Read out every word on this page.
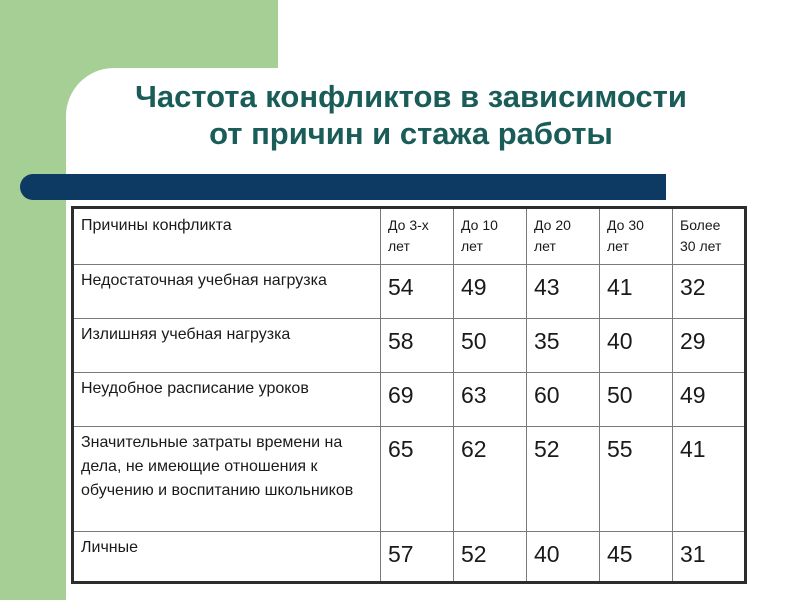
Частота конфликтов в зависимости
от причин и стажа работы
Причины конфликта	До 3-х лет	До 10 лет	До 20 лет	До 30 лет	Более 30 лет
Недостаточная учебная нагрузка	54	49	43	41	32
Излишняя учебная нагрузка	58	50	35	40	29
Неудобное расписание уроков	69	63	60	50	49
Значительные затраты времени на дела, не имеющие отношения к обучению и воспитанию школьников	65	62	52	55	41
Личные	57	52	40	45	31
